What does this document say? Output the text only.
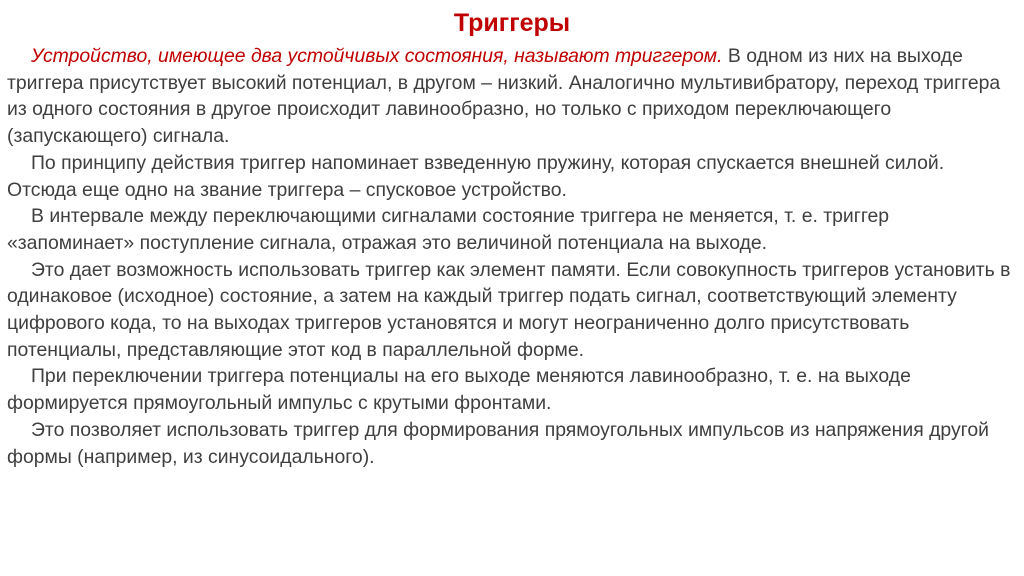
Триггеры

Устройство, имеющее два устойчивых состояния, называют триггером. В одном из них на выходе триггера присутствует высокий потенциал, в другом – низкий. Аналогично мультивибратору, переход триггера из одного состояния в другое происходит лавинообразно, но только с приходом переключающего (запускающего) сигнала.

По принципу действия триггер напоминает взведенную пружину, которая спускается внешней силой. Отсюда еще одно на звание триггера – спусковое устройство.

В интервале между переключающими сигналами состояние триггера не меняется, т. е. триггер «запоминает» поступление сигнала, отражая это величиной потенциала на выходе.

Это дает возможность использовать триггер как элемент памяти. Если совокупность триггеров установить в одинаковое (исходное) состояние, а затем на каждый триггер подать сигнал, соответствующий элементу цифрового кода, то на выходах триггеров установятся и могут неограниченно долго присутствовать потенциалы, представляющие этот код в параллельной форме.

При переключении триггера потенциалы на его выходе меняются лавинообразно, т. е. на выходе формируется прямоугольный импульс с крутыми фронтами.

Это позволяет использовать триггер для формирования прямоугольных импульсов из напряжения другой формы (например, из синусоидального).
